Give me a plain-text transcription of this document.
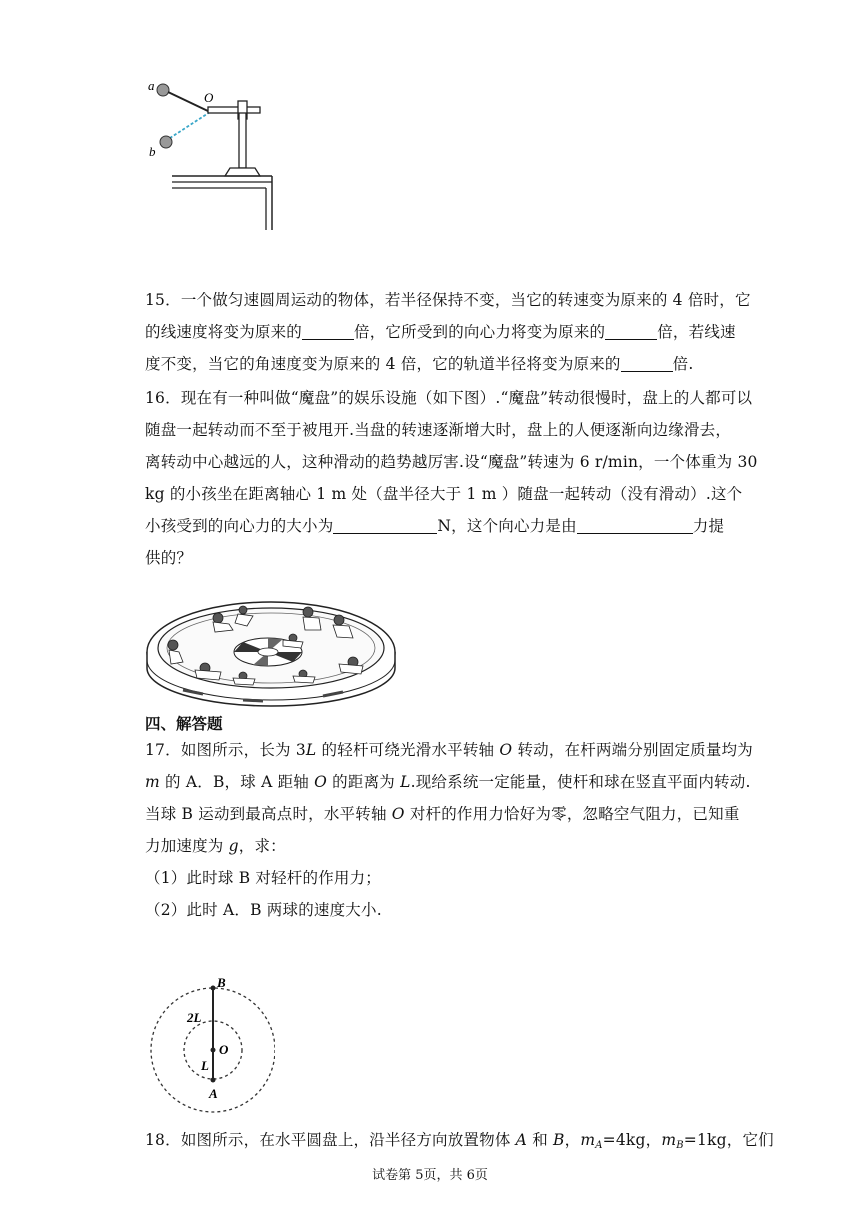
a
O
b
15．一个做匀速圆周运动的物体，若半径保持不变，当它的转速变为原来的 4 倍时，它
的线速度将变为原来的	倍，它所受到的向心力将变为原来的	倍，若线速
度不变，当它的角速度变为原来的 4 倍，它的轨道半径将变为原来的	倍.
16．现在有一种叫做“魔盘”的娱乐设施（如下图）.“魔盘”转动很慢时，盘上的人都可以
随盘一起转动而不至于被甩开.当盘的转速逐渐增大时，盘上的人便逐渐向边缘滑去，
离转动中心越远的人，这种滑动的趋势越厉害.设“魔盘”转速为 6 r/min，一个体重为 30
kg 的小孩坐在距离轴心 1 m 处（盘半径大于 1 m ）随盘一起转动（没有滑动）.这个
小孩受到的向心力的大小为	N，这个向心力是由	力提
供的？
四、解答题
17．如图所示，长为 3L 的轻杆可绕光滑水平转轴 O 转动，在杆两端分别固定质量均为
m 的 A．B，球 A 距轴 O 的距离为 L.现给系统一定能量，使杆和球在竖直平面内转动.
当球 B 运动到最高点时，水平转轴 O 对杆的作用力恰好为零，忽略空气阻力，已知重
力加速度为 g，求：
（1）此时球 B 对轻杆的作用力；
（2）此时 A．B 两球的速度大小.
B
2L
O
L
A
18．如图所示，在水平圆盘上，沿半径方向放置物体 A 和 B，$m_A=4kg$，$m_B=1kg$，它们
试卷第 5页，共 6页
